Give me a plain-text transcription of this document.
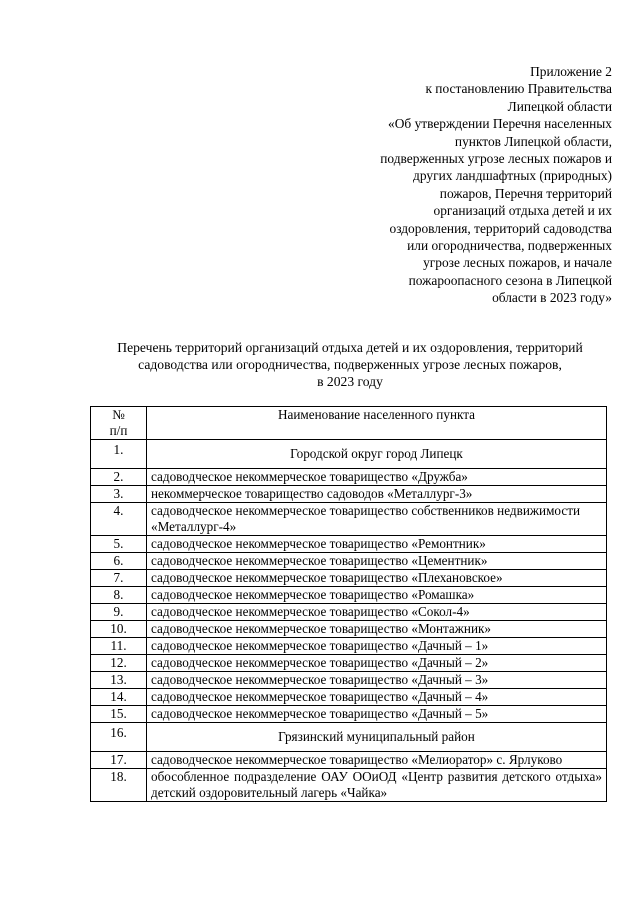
Приложение 2
к постановлению Правительства
Липецкой области
«Об утверждении Перечня населенных
пунктов Липецкой области,
подверженных угрозе лесных пожаров и
других ландшафтных (природных)
пожаров, Перечня территорий
организаций отдыха детей и их
оздоровления, территорий садоводства
или огородничества, подверженных
угрозе лесных пожаров, и начале
пожароопасного сезона в Липецкой
области в 2023 году»
Перечень территорий организаций отдыха детей и их оздоровления, территорий
садоводства или огородничества, подверженных угрозе лесных пожаров,
в 2023 году
№
п/п	Наименование населенного пункта
1.	Городской округ город Липецк
2.	садоводческое некоммерческое товарищество «Дружба»
3.	некоммерческое товарищество садоводов «Металлург-3»
4.	садоводческое некоммерческое товарищество собственников недвижимости «Металлург-4»
5.	садоводческое некоммерческое товарищество «Ремонтник»
6.	садоводческое некоммерческое товарищество «Цементник»
7.	садоводческое некоммерческое товарищество «Плехановское»
8.	садоводческое некоммерческое товарищество «Ромашка»
9.	садоводческое некоммерческое товарищество «Сокол-4»
10.	садоводческое некоммерческое товарищество «Монтажник»
11.	садоводческое некоммерческое товарищество «Дачный – 1»
12.	садоводческое некоммерческое товарищество «Дачный – 2»
13.	садоводческое некоммерческое товарищество «Дачный – 3»
14.	садоводческое некоммерческое товарищество «Дачный – 4»
15.	садоводческое некоммерческое товарищество «Дачный – 5»
16.	Грязинский муниципальный район
17.	садоводческое некоммерческое товарищество «Мелиоратор» с. Ярлуково
18.	обособленное подразделение ОАУ ООиОД «Центр развития детского отдыха» детский оздоровительный лагерь «Чайка»
